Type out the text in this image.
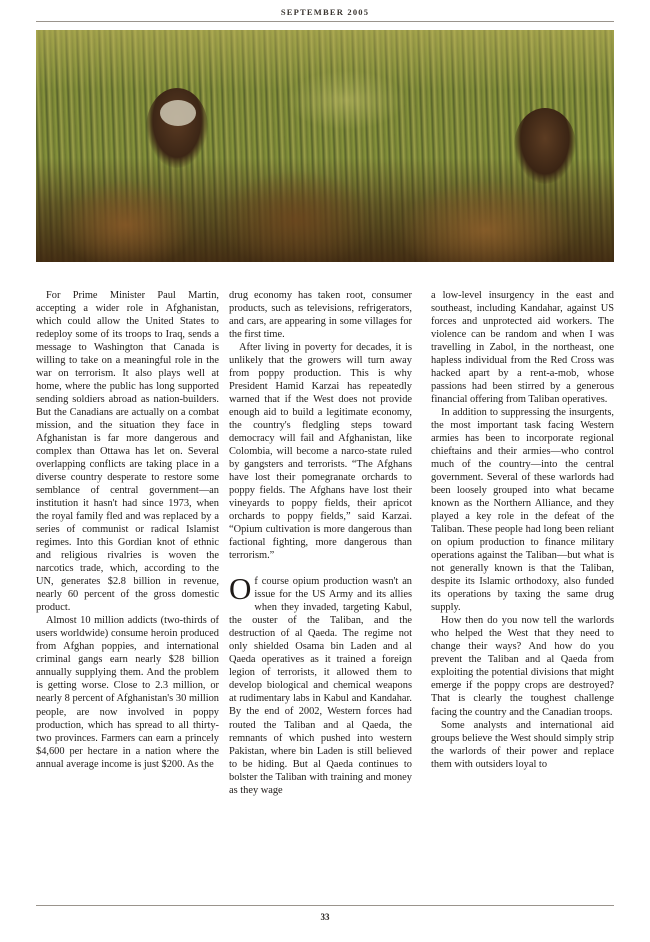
SEPTEMBER 2005

For Prime Minister Paul Martin, accepting a wider role in Afghanistan, which could allow the United States to redeploy some of its troops to Iraq, sends a message to Washington that Canada is willing to take on a meaningful role in the war on terrorism. It also plays well at home, where the public has long supported sending soldiers abroad as nation-builders. But the Canadians are actually on a combat mission, and the situation they face in Afghanistan is far more dangerous and complex than Ottawa has let on. Several overlapping conflicts are taking place in a diverse country desperate to restore some semblance of central government—an institution it hasn't had since 1973, when the royal family fled and was replaced by a series of communist or radical Islamist regimes. Into this Gordian knot of ethnic and religious rivalries is woven the narcotics trade, which, according to the UN, generates $2.8 billion in revenue, nearly 60 percent of the gross domestic product.

Almost 10 million addicts (two-thirds of users worldwide) consume heroin produced from Afghan poppies, and international criminal gangs earn nearly $28 billion annually supplying them. And the problem is getting worse. Close to 2.3 million, or nearly 8 percent of Afghanistan's 30 million people, are now involved in poppy production, which has spread to all thirty-two provinces. Farmers can earn a princely $4,600 per hectare in a nation where the annual average income is just $200. As the

drug economy has taken root, consumer products, such as televisions, refrigerators, and cars, are appearing in some villages for the first time.

After living in poverty for decades, it is unlikely that the growers will turn away from poppy production. This is why President Hamid Karzai has repeatedly warned that if the West does not provide enough aid to build a legitimate economy, the country's fledgling steps toward democracy will fail and Afghanistan, like Colombia, will become a narco-state ruled by gangsters and terrorists. “The Afghans have lost their pomegranate orchards to poppy fields. The Afghans have lost their vineyards to poppy fields, their apricot orchards to poppy fields,” said Karzai. “Opium cultivation is more dangerous than factional fighting, more dangerous than terrorism.”

Of course opium production wasn't an issue for the US Army and its allies when they invaded, targeting Kabul, the ouster of the Taliban, and the destruction of al Qaeda. The regime not only shielded Osama bin Laden and al Qaeda operatives as it trained a foreign legion of terrorists, it allowed them to develop biological and chemical weapons at rudimentary labs in Kabul and Kandahar. By the end of 2002, Western forces had routed the Taliban and al Qaeda, the remnants of which pushed into western Pakistan, where bin Laden is still believed to be hiding. But al Qaeda continues to bolster the Taliban with training and money as they wage

a low-level insurgency in the east and southeast, including Kandahar, against US forces and unprotected aid workers. The violence can be random and when I was travelling in Zabol, in the northeast, one hapless individual from the Red Cross was hacked apart by a rent-a-mob, whose passions had been stirred by a generous financial offering from Taliban operatives.

In addition to suppressing the insurgents, the most important task facing Western armies has been to incorporate regional chieftains and their armies—who control much of the country—into the central government. Several of these warlords had been loosely grouped into what became known as the Northern Alliance, and they played a key role in the defeat of the Taliban. These people had long been reliant on opium production to finance military operations against the Taliban—but what is not generally known is that the Taliban, despite its Islamic orthodoxy, also funded its operations by taxing the same drug supply.

How then do you now tell the warlords who helped the West that they need to change their ways? And how do you prevent the Taliban and al Qaeda from exploiting the potential divisions that might emerge if the poppy crops are destroyed? That is clearly the toughest challenge facing the country and the Canadian troops.

Some analysts and international aid groups believe the West should simply strip the warlords of their power and replace them with outsiders loyal to

33
